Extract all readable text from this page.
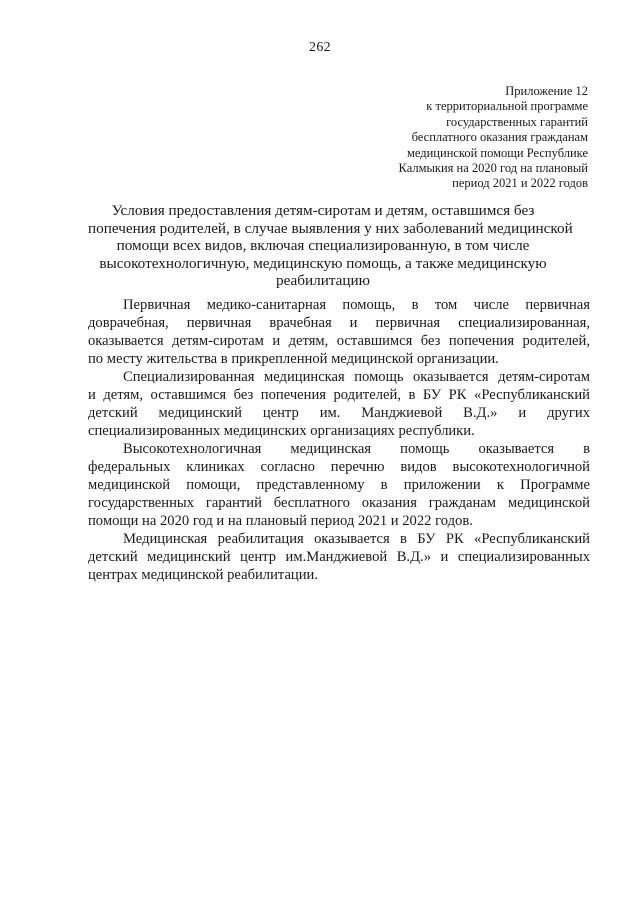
262
Приложение 12
к территориальной программе
государственных гарантий
бесплатного оказания гражданам
медицинской помощи Республике
Калмыкия на 2020 год на плановый
период 2021 и 2022 годов
Условия предоставления детям-сиротам и детям, оставшимся без
попечения родителей, в случае выявления у них заболеваний медицинской
помощи всех видов, включая специализированную, в том числе
высокотехнологичную, медицинскую помощь, а также медицинскую
реабилитацию
Первичная медико-санитарная помощь, в том числе первичная
доврачебная, первичная врачебная и первичная специализированная,
оказывается детям-сиротам и детям, оставшимся без попечения родителей,
по месту жительства в прикрепленной медицинской организации.
Специализированная медицинская помощь оказывается детям-сиротам
и детям, оставшимся без попечения родителей, в БУ РК «Республиканский
детский медицинский центр им. Манджиевой В.Д.» и других
специализированных медицинских организациях республики.
Высокотехнологичная медицинская помощь оказывается в
федеральных клиниках согласно перечню видов высокотехнологичной
медицинской помощи, представленному в приложении к Программе
государственных гарантий бесплатного оказания гражданам медицинской
помощи на 2020 год и на плановый период 2021 и 2022 годов.
Медицинская реабилитация оказывается в БУ РК «Республиканский
детский медицинский центр им.Манджиевой В.Д.» и специализированных
центрах медицинской реабилитации.
